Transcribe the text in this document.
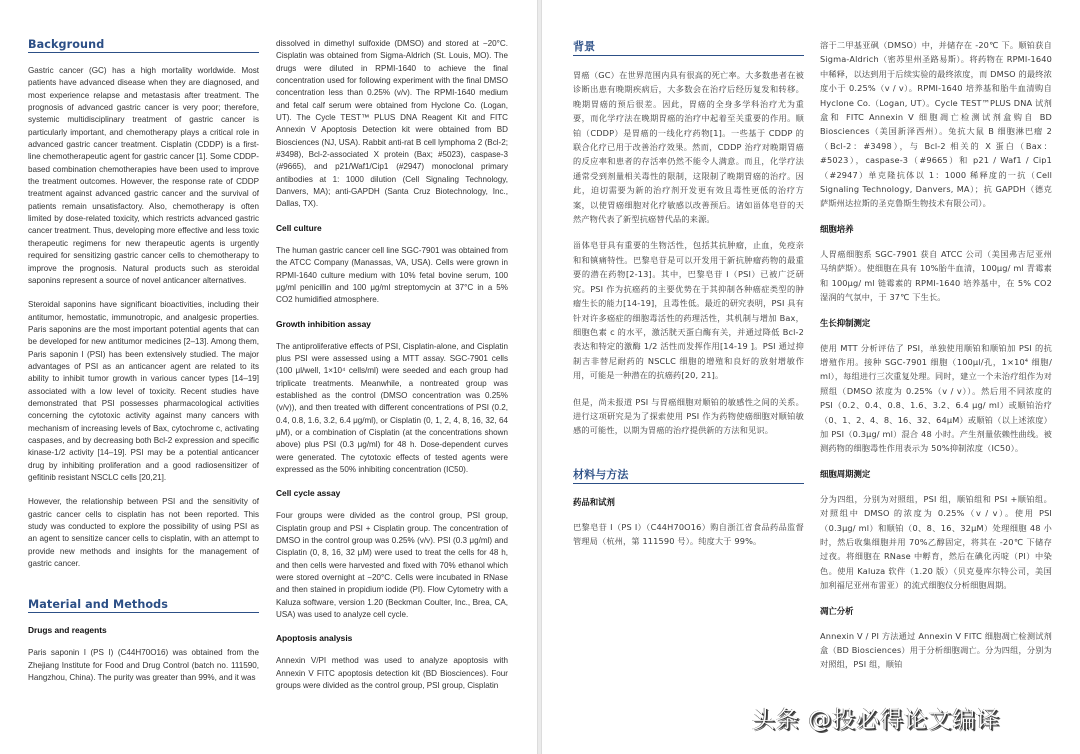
Background

Gastric cancer (GC) has a high mortality worldwide. Most patients have advanced disease when they are diagnosed, and most experience relapse and metastasis after treatment. The prognosis of advanced gastric cancer is very poor; therefore, systemic multidisciplinary treatment of gastric cancer is particularly important, and chemotherapy plays a critical role in advanced gastric cancer treatment. Cisplatin (CDDP) is a first-line chemotherapeutic agent for gastric cancer [1]. Some CDDP-based combination chemotherapies have been used to improve the treatment outcomes. However, the response rate of CDDP treatment against advanced gastric cancer and the survival of patients remain unsatisfactory. Also, chemotherapy is often limited by dose-related toxicity, which restricts advanced gastric cancer treatment. Thus, developing more effective and less toxic therapeutic regimens for new therapeutic agents is urgently required for sensitizing gastric cancer cells to chemotherapy to improve the prognosis. Natural products such as steroidal saponins represent a source of novel anticancer alternatives.

Steroidal saponins have significant bioactivities, including their antitumor, hemostatic, immunotropic, and analgesic properties. Paris saponins are the most important potential agents that can be developed for new antitumor medicines [2–13]. Among them, Paris saponin I (PSI) has been extensively studied. The major advantages of PSI as an anticancer agent are related to its ability to inhibit tumor growth in various cancer types [14–19] associated with a low level of toxicity. Recent studies have demonstrated that PSI possesses pharmacological activities concerning the cytotoxic activity against many cancers with mechanism of increasing levels of Bax, cytochrome c, activating caspases, and by decreasing both Bcl-2 expression and specific kinase-1/2 activity [14–19]. PSI may be a potential anticancer drug by inhibiting proliferation and a good radiosensitizer of gefitinib resistant NSCLC cells [20,21].

However, the relationship between PSI and the sensitivity of gastric cancer cells to cisplatin has not been reported. This study was conducted to explore the possibility of using PSI as an agent to sensitize cancer cells to cisplatin, with an attempt to provide new methods and insights for the management of gastric cancer.

Material and Methods
Drugs and reagents

Paris saponin I (PS I) (C44H70O16) was obtained from the Zhejiang Institute for Food and Drug Control (batch no. 111590, Hangzhou, China). The purity was greater than 99%, and it was

dissolved in dimethyl sulfoxide (DMSO) and stored at −20°C. Cisplatin was obtained from Sigma-Aldrich (St. Louis, MO). The drugs were diluted in RPMI-1640 to achieve the final concentration used for following experiment with the final DMSO concentration less than 0.25% (v/v). The RPMI-1640 medium and fetal calf serum were obtained from Hyclone Co. (Logan, UT). The Cycle TEST™ PLUS DNA Reagent Kit and FITC Annexin V Apoptosis Detection kit were obtained from BD Biosciences (NJ, USA). Rabbit anti-rat B cell lymphoma 2 (Bcl-2; #3498), Bcl-2-associated X protein (Bax; #5023), caspase-3 (#9665), and p21/Waf1/Cip1 (#2947) monoclonal primary antibodies at 1: 1000 dilution (Cell Signaling Technology, Danvers, MA); anti-GAPDH (Santa Cruz Biotechnology, Inc., Dallas, TX).

Cell culture

The human gastric cancer cell line SGC-7901 was obtained from the ATCC Company (Manassas, VA, USA). Cells were grown in RPMI-1640 culture medium with 10% fetal bovine serum, 100 μg/ml penicillin and 100 μg/ml streptomycin at 37°C in a 5% CO2 humidified atmosphere.

Growth inhibition assay

The antiproliferative effects of PSI, Cisplatin-alone, and Cisplatin plus PSI were assessed using a MTT assay. SGC-7901 cells (100 μl/well, 1×10⁴ cells/ml) were seeded and each group had triplicate treatments. Meanwhile, a nontreated group was established as the control (DMSO concentration was 0.25% (v/v)), and then treated with different concentrations of PSI (0.2, 0.4, 0.8, 1.6, 3.2, 6.4 μg/ml), or Cisplatin (0, 1, 2, 4, 8, 16, 32, 64 μM), or a combination of Cisplatin (at the concentrations shown above) plus PSI (0.3 μg/ml) for 48 h. Dose-dependent curves were generated. The cytotoxic effects of tested agents were expressed as the 50% inhibiting concentration (IC50).

Cell cycle assay

Four groups were divided as the control group, PSI group, Cisplatin group and PSI + Cisplatin group. The concentration of DMSO in the control group was 0.25% (v/v). PSI (0.3 μg/ml) and Cisplatin (0, 8, 16, 32 μM) were used to treat the cells for 48 h, and then cells were harvested and fixed with 70% ethanol which were stored overnight at −20°C. Cells were incubated in RNase and then stained in propidium iodide (PI). Flow Cytometry with a Kaluza software, version 1.20 (Beckman Coulter, Inc., Brea, CA, USA) was used to analyze cell cycle.

Apoptosis analysis

Annexin V/PI method was used to analyze apoptosis with Annexin V FITC apoptosis detection kit (BD Biosciences). Four groups were divided as the control group, PSI group, Cisplatin

背景

胃癌（GC）在世界范围内具有很高的死亡率。大多数患者在被诊断出患有晚期疾病后，大多数会在治疗后经历复发和转移。晚期胃癌的预后很差。因此，胃癌的全身多学科治疗尤为重要，而化学疗法在晚期胃癌的治疗中起着至关重要的作用。顺铂（CDDP）是胃癌的一线化疗药物[1]。一些基于 CDDP 的联合化疗已用于改善治疗效果。然而，CDDP 治疗对晚期胃癌的反应率和患者的存活率仍然不能令人满意。而且，化学疗法通常受到剂量相关毒性的限制，这限制了晚期胃癌的治疗。因此，迫切需要为新的治疗剂开发更有效且毒性更低的治疗方案，以使胃癌细胞对化疗敏感以改善预后。诸如甾体皂苷的天然产物代表了新型抗癌替代品的来源。

甾体皂苷具有重要的生物活性，包括其抗肿瘤，止血，免疫亲和和镇痛特性。巴黎皂苷是可以开发用于新抗肿瘤药物的最重要的潜在药物[2-13]。其中，巴黎皂苷 I（PSI）已被广泛研究。PSI 作为抗癌药的主要优势在于其抑制各种癌症类型的肿瘤生长的能力[14-19]，且毒性低。最近的研究表明，PSI 具有针对许多癌症的细胞毒活性的药理活性，其机制与增加 Bax，细胞色素 c 的水平，激活胱天蛋白酶有关，并通过降低 Bcl-2 表达和特定的激酶 1/2 活性而发挥作用[14-19 ]。PSI 通过抑制吉非替尼耐药的 NSCLC 细胞的增殖和良好的放射增敏作用，可能是一种潜在的抗癌药[20, 21]。

但是，尚未报道 PSI 与胃癌细胞对顺铂的敏感性之间的关系。进行这项研究是为了探索使用 PSI 作为药物使癌细胞对顺铂敏感的可能性，以期为胃癌的治疗提供新的方法和见识。

材料与方法
药品和试剂

巴黎皂苷 I（PS I）（C44H70O16）购自浙江省食品药品监督管理局（杭州，第 111590 号）。纯度大于 99%。

溶于二甲基亚砜（DMSO）中，并储存在 -20℃ 下。顺铂获自 Sigma-Aldrich（密苏里州圣路易斯）。将药物在 RPMI-1640 中稀释，以达到用于后续实验的最终浓度，而 DMSO 的最终浓度小于 0.25%（v / v）。RPMI-1640 培养基和胎牛血清购自 Hyclone Co.（Logan, UT）。Cycle TEST™PLUS DNA 试剂盒和 FITC Annexin V 细胞凋亡检测试剂盒购自 BD Biosciences（美国新泽西州）。兔抗大鼠 B 细胞淋巴瘤 2（Bcl-2：#3498），与 Bcl-2 相关的 X 蛋白（Bax：#5023），caspase-3（#9665）和 p21 / Waf1 / Cip1（#2947）单克隆抗体以 1：1000 稀释度的一抗（Cell Signaling Technology, Danvers, MA）；抗 GAPDH（德克萨斯州达拉斯的圣克鲁斯生物技术有限公司）。

细胞培养

人胃癌细胞系 SGC-7901 获自 ATCC 公司（美国弗吉尼亚州马纳萨斯）。使细胞在具有 10%胎牛血清，100μg/ ml 青霉素和 100μg/ ml 链霉素的 RPMI-1640 培养基中，在 5% CO2 湿润的气氛中，于 37℃ 下生长。

生长抑制测定

使用 MTT 分析评估了 PSI，单独使用顺铂和顺铂加 PSI 的抗增殖作用。接种 SGC-7901 细胞（100μl/孔，1×10⁴ 细胞/ ml），每组进行三次重复处理。同时，建立一个未治疗组作为对照组（DMSO 浓度为 0.25%（v / v））。然后用不同浓度的 PSI（0.2、0.4、0.8、1.6、3.2、6.4 μg/ ml）或顺铂治疗（0、1、2、4、8、16、32、64μM）或顺铂（以上述浓度）加 PSI（0.3μg/ ml）混合 48 小时。产生剂量依赖性曲线。被测药物的细胞毒性作用表示为 50%抑制浓度（IC50）。

细胞周期测定

分为四组，分别为对照组，PSI 组，顺铂组和 PSI +顺铂组。对照组中 DMSO 的浓度为 0.25%（v / v）。使用 PSI（0.3μg/ ml）和顺铂（0、8、16、32μM）处理细胞 48 小时，然后收集细胞并用 70%乙醇固定，将其在 -20℃ 下储存过夜。将细胞在 RNase 中孵育，然后在碘化丙啶（PI）中染色。使用 Kaluza 软件（1.20 版）（贝克曼库尔特公司，美国加利福尼亚州布雷亚）的流式细胞仪分析细胞周期。

凋亡分析

Annexin V / PI 方法通过 Annexin V FITC 细胞凋亡检测试剂盒（BD Biosciences）用于分析细胞凋亡。分为四组，分别为对照组，PSI 组，顺铂

头条 @投必得论文编译
